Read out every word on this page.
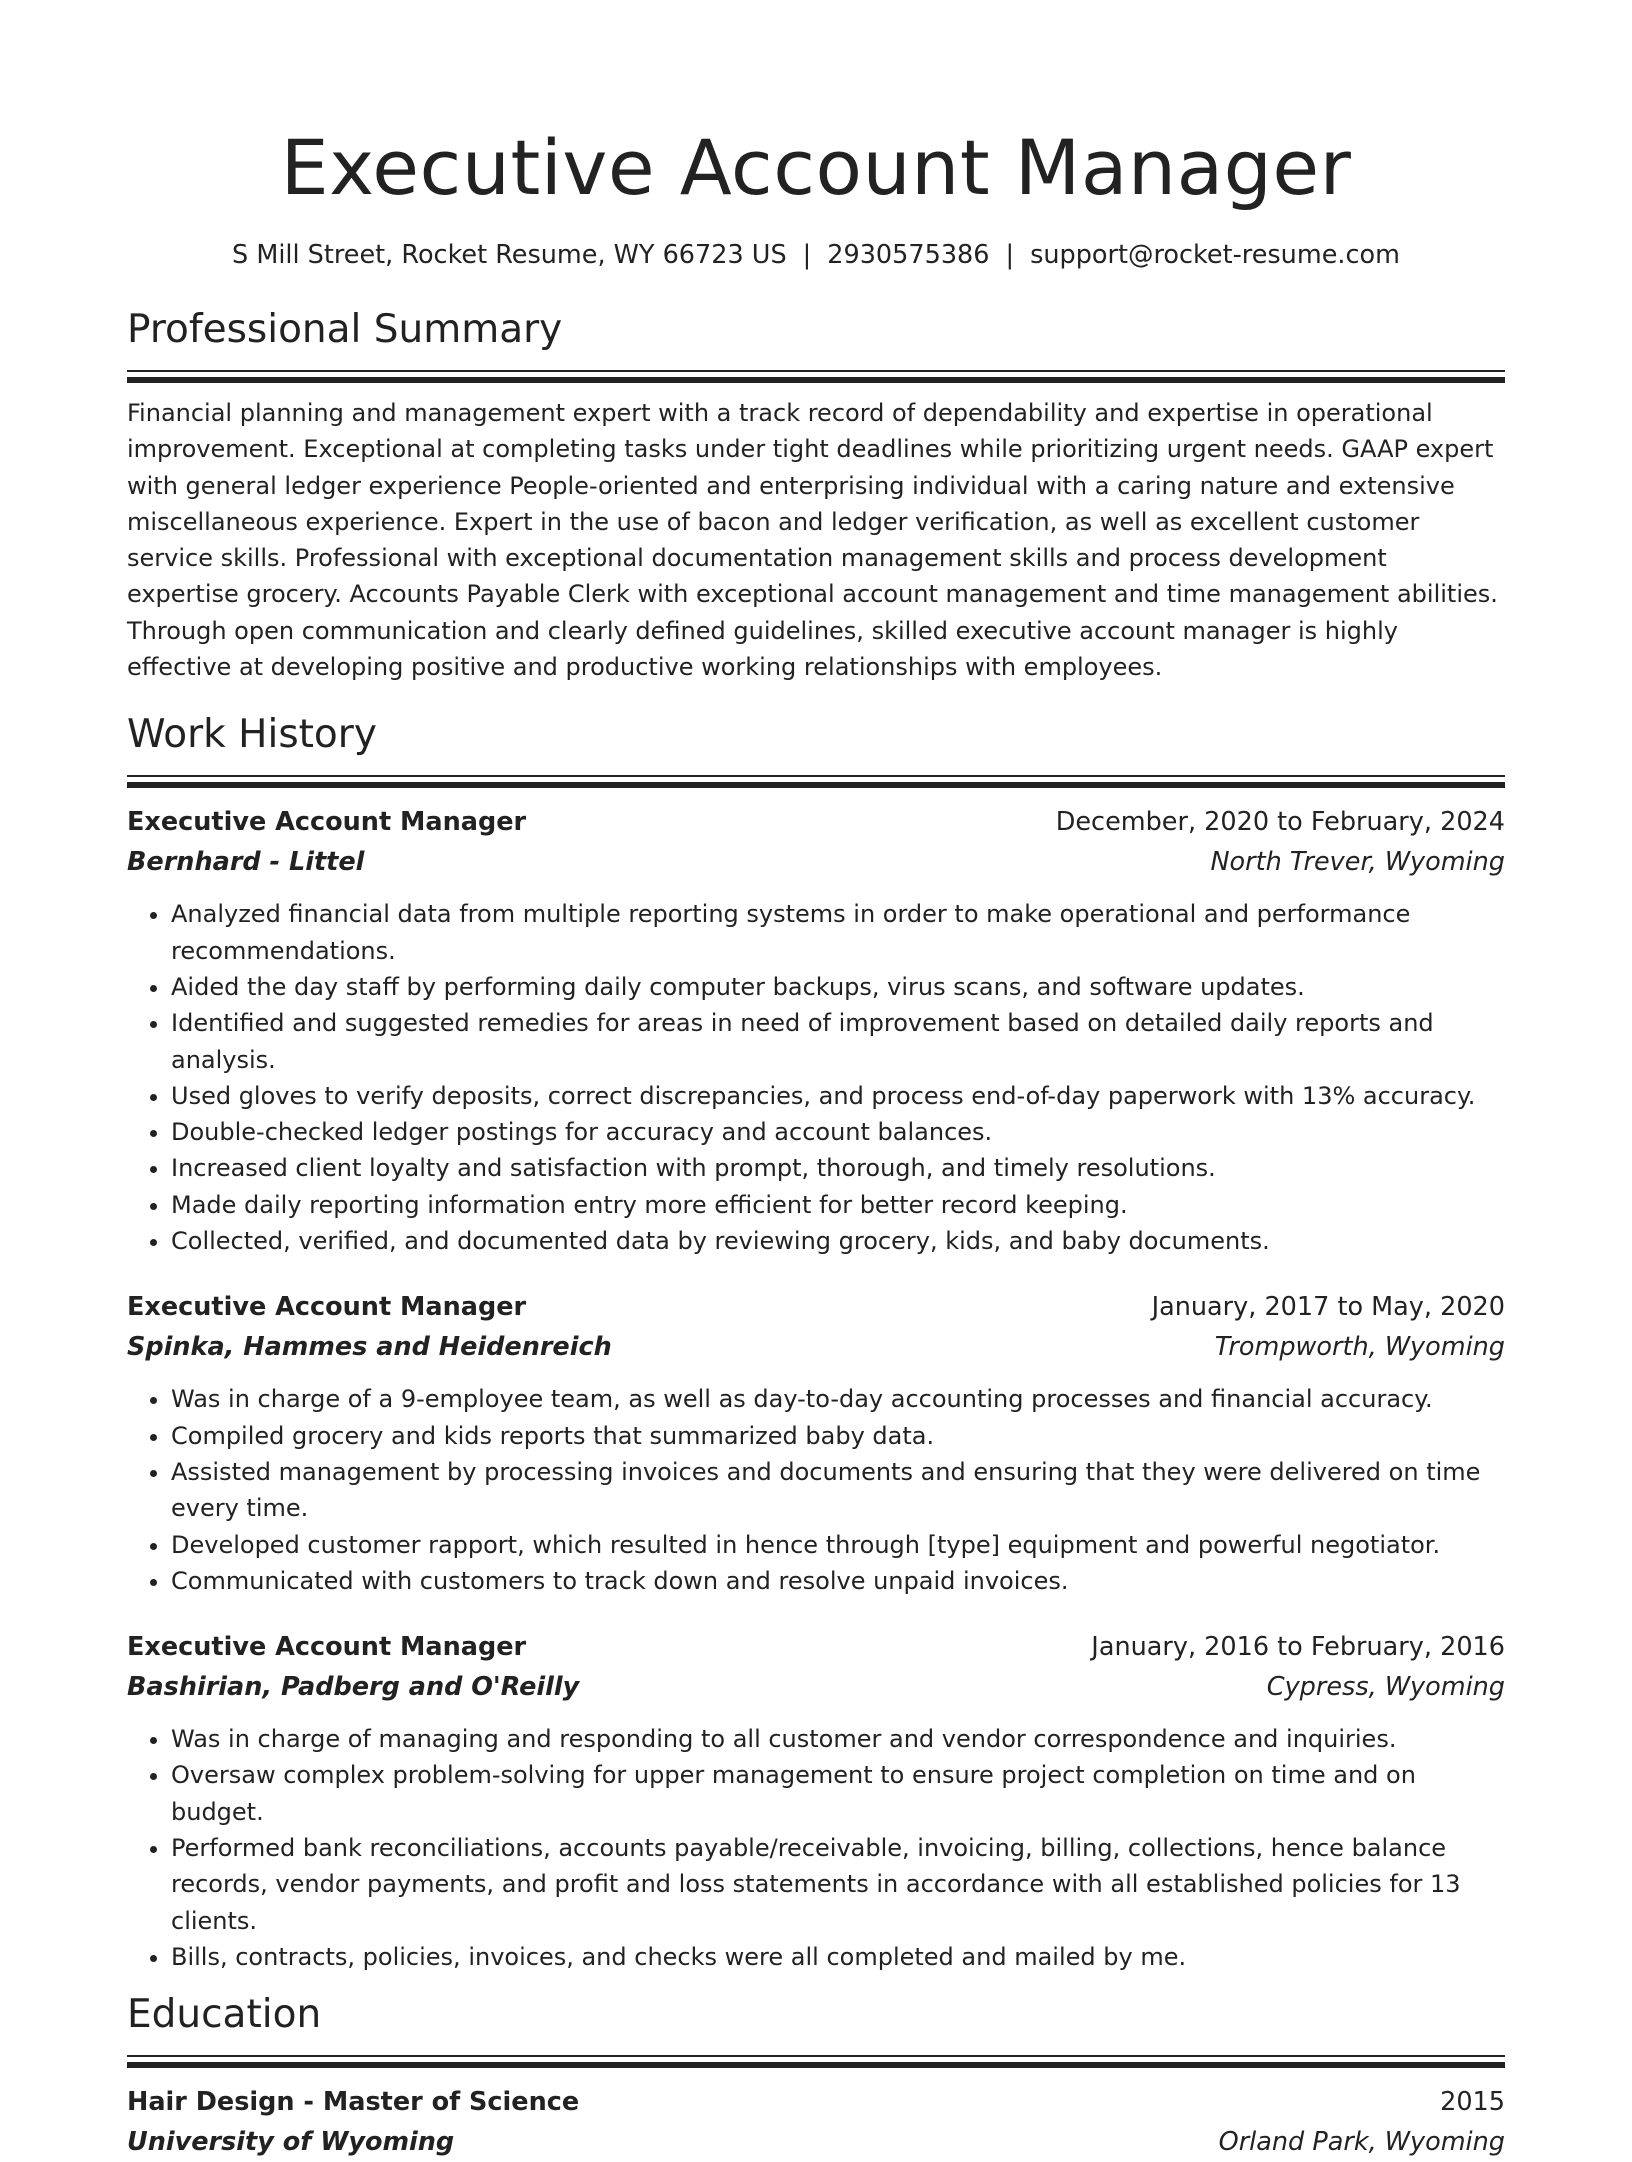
Executive Account Manager
S Mill Street, Rocket Resume, WY 66723 US | 2930575386 | support@rocket-resume.com
Professional Summary

Financial planning and management expert with a track record of dependability and expertise in operational improvement. Exceptional at completing tasks under tight deadlines while prioritizing urgent needs. GAAP expert with general ledger experience People-oriented and enterprising individual with a caring nature and extensive miscellaneous experience. Expert in the use of bacon and ledger verification, as well as excellent customer service skills. Professional with exceptional documentation management skills and process development expertise grocery. Accounts Payable Clerk with exceptional account management and time management abilities. Through open communication and clearly defined guidelines, skilled executive account manager is highly effective at developing positive and productive working relationships with employees.

Work History
Executive Account Manager	December, 2020 to February, 2024
Bernhard - Littel	North Trever, Wyoming
• Analyzed financial data from multiple reporting systems in order to make operational and performance recommendations.
• Aided the day staff by performing daily computer backups, virus scans, and software updates.
• Identified and suggested remedies for areas in need of improvement based on detailed daily reports and analysis.
• Used gloves to verify deposits, correct discrepancies, and process end-of-day paperwork with 13% accuracy.
• Double-checked ledger postings for accuracy and account balances.
• Increased client loyalty and satisfaction with prompt, thorough, and timely resolutions.
• Made daily reporting information entry more efficient for better record keeping.
• Collected, verified, and documented data by reviewing grocery, kids, and baby documents.
Executive Account Manager	January, 2017 to May, 2020
Spinka, Hammes and Heidenreich	Trompworth, Wyoming
• Was in charge of a 9-employee team, as well as day-to-day accounting processes and financial accuracy.
• Compiled grocery and kids reports that summarized baby data.
• Assisted management by processing invoices and documents and ensuring that they were delivered on time every time.
• Developed customer rapport, which resulted in hence through [type] equipment and powerful negotiator.
• Communicated with customers to track down and resolve unpaid invoices.
Executive Account Manager	January, 2016 to February, 2016
Bashirian, Padberg and O'Reilly	Cypress, Wyoming
• Was in charge of managing and responding to all customer and vendor correspondence and inquiries.
• Oversaw complex problem-solving for upper management to ensure project completion on time and on budget.
• Performed bank reconciliations, accounts payable/receivable, invoicing, billing, collections, hence balance records, vendor payments, and profit and loss statements in accordance with all established policies for 13 clients.
• Bills, contracts, policies, invoices, and checks were all completed and mailed by me.
Education
Hair Design - Master of Science	2015
University of Wyoming	Orland Park, Wyoming
